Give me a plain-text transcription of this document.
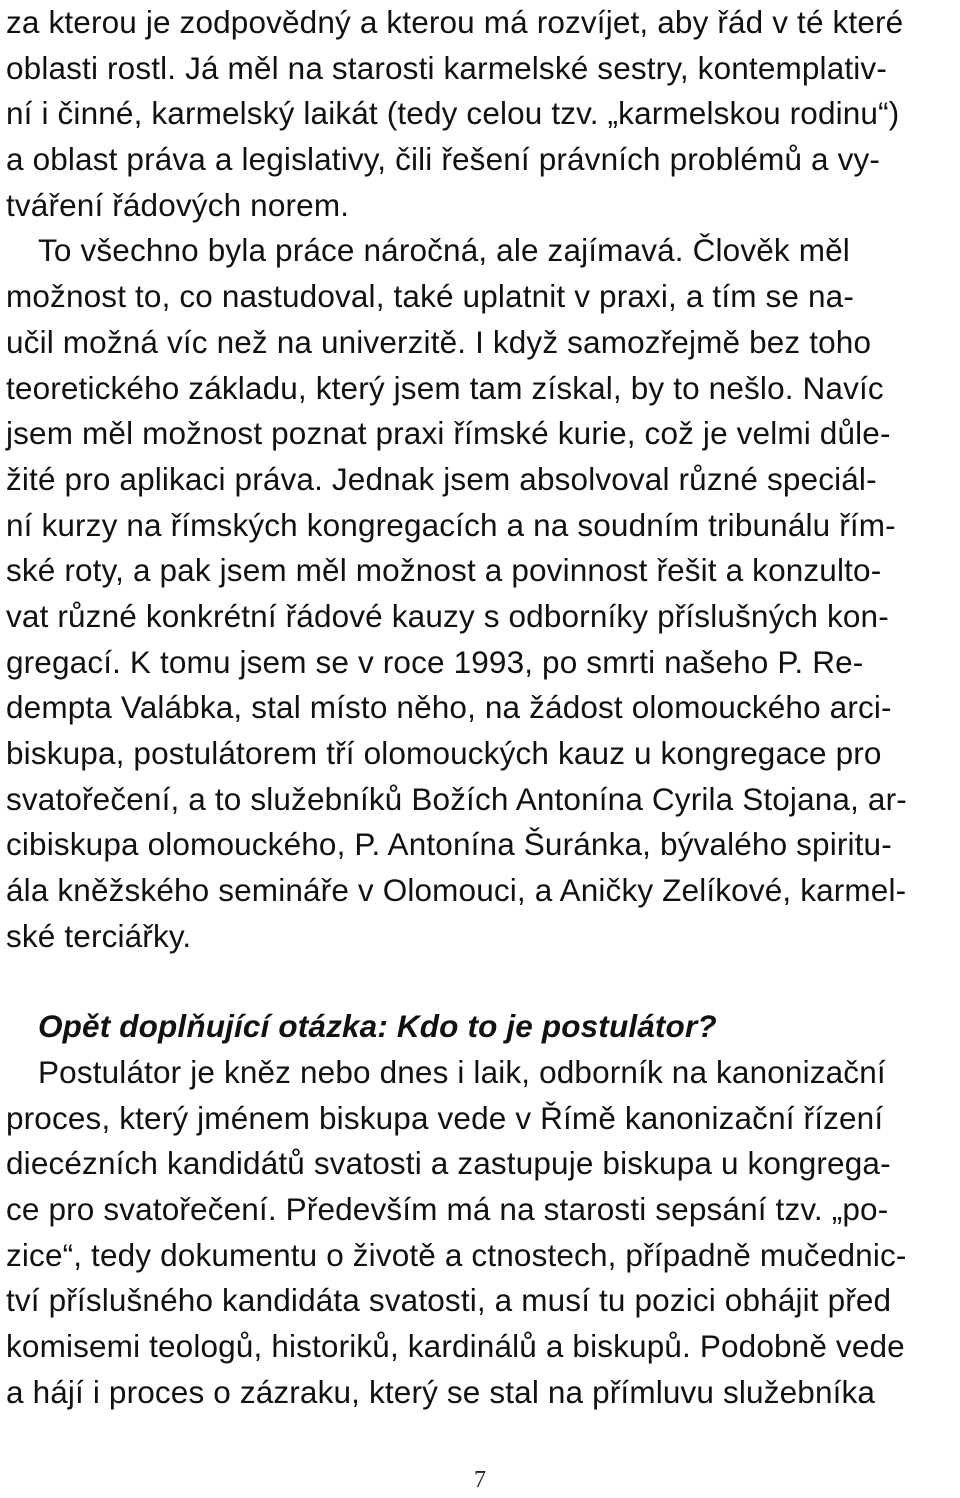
za kterou je zodpovědný a kterou má rozvíjet, aby řád v té které
oblasti rostl. Já měl na starosti karmelské sestry, kontemplativ-
ní i činné, karmelský laikát (tedy celou tzv. „karmelskou rodinu“)
a oblast práva a legislativy, čili řešení právních problémů a vy-
tváření řádových norem.
To všechno byla práce náročná, ale zajímavá. Člověk měl
možnost to, co nastudoval, také uplatnit v praxi, a tím se na-
učil možná víc než na univerzitě. I když samozřejmě bez toho
teoretického základu, který jsem tam získal, by to nešlo. Navíc
jsem měl možnost poznat praxi římské kurie, což je velmi důle-
žité pro aplikaci práva. Jednak jsem absolvoval různé speciál-
ní kurzy na římských kongregacích a na soudním tribunálu řím-
ské roty, a pak jsem měl možnost a povinnost řešit a konzulto-
vat různé konkrétní řádové kauzy s odborníky příslušných kon-
gregací. K tomu jsem se v roce 1993, po smrti našeho P. Re-
dempta Valábka, stal místo něho, na žádost olomouckého arci-
biskupa, postulátorem tří olomouckých kauz u kongregace pro
svatořečení, a to služebníků Božích Antonína Cyrila Stojana, ar-
cibiskupa olomouckého, P. Antonína Šuránka, bývalého spiritu-
ála kněžského semináře v Olomouci, a Aničky Zelíkové, karmel-
ské terciářky.
Opět doplňující otázka: Kdo to je postulátor?
Postulátor je kněz nebo dnes i laik, odborník na kanonizační
proces, který jménem biskupa vede v Římě kanonizační řízení
diecézních kandidátů svatosti a zastupuje biskupa u kongrega-
ce pro svatořečení. Především má na starosti sepsání tzv. „po-
zice“, tedy dokumentu o životě a ctnostech, případně mučednic-
tví příslušného kandidáta svatosti, a musí tu pozici obhájit před
komisemi teologů, historiků, kardinálů a biskupů. Podobně vede
a hájí i proces o zázraku, který se stal na přímluvu služebníka
7
